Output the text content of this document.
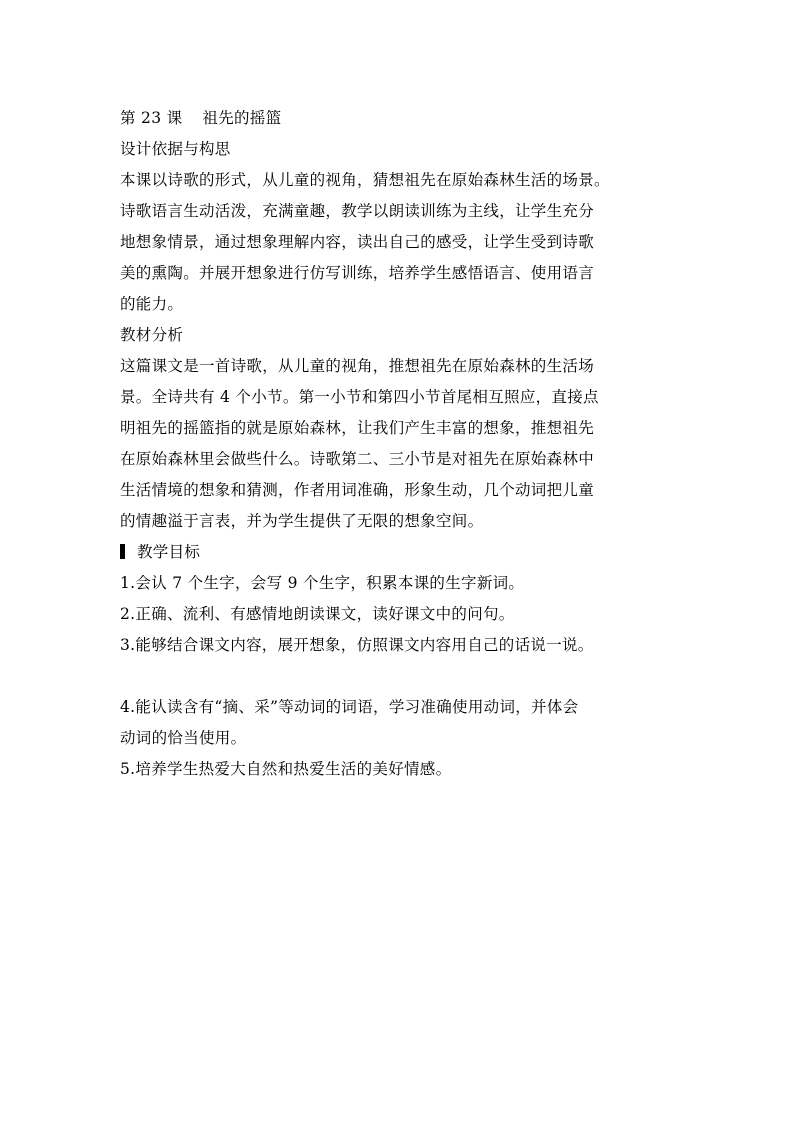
第 23 课 祖先的摇篮
设计依据与构思
本课以诗歌的形式，从儿童的视角，猜想祖先在原始森林生活的场景。
诗歌语言生动活泼，充满童趣，教学以朗读训练为主线，让学生充分
地想象情景，通过想象理解内容，读出自己的感受，让学生受到诗歌
美的熏陶。并展开想象进行仿写训练，培养学生感悟语言、使用语言
的能力。
教材分析
这篇课文是一首诗歌，从儿童的视角，推想祖先在原始森林的生活场
景。全诗共有 4 个小节。第一小节和第四小节首尾相互照应，直接点
明祖先的摇篮指的就是原始森林，让我们产生丰富的想象，推想祖先
在原始森林里会做些什么。诗歌第二、三小节是对祖先在原始森林中
生活情境的想象和猜测，作者用词准确，形象生动，几个动词把儿童
的情趣溢于言表，并为学生提供了无限的想象空间。
教学目标
1.会认 7 个生字，会写 9 个生字，积累本课的生字新词。
2.正确、流利、有感情地朗读课文，读好课文中的问句。
3.能够结合课文内容，展开想象，仿照课文内容用自己的话说一说。
4.能认读含有“摘、采”等动词的词语，学习准确使用动词，并体会
动词的恰当使用。
5.培养学生热爱大自然和热爱生活的美好情感。
